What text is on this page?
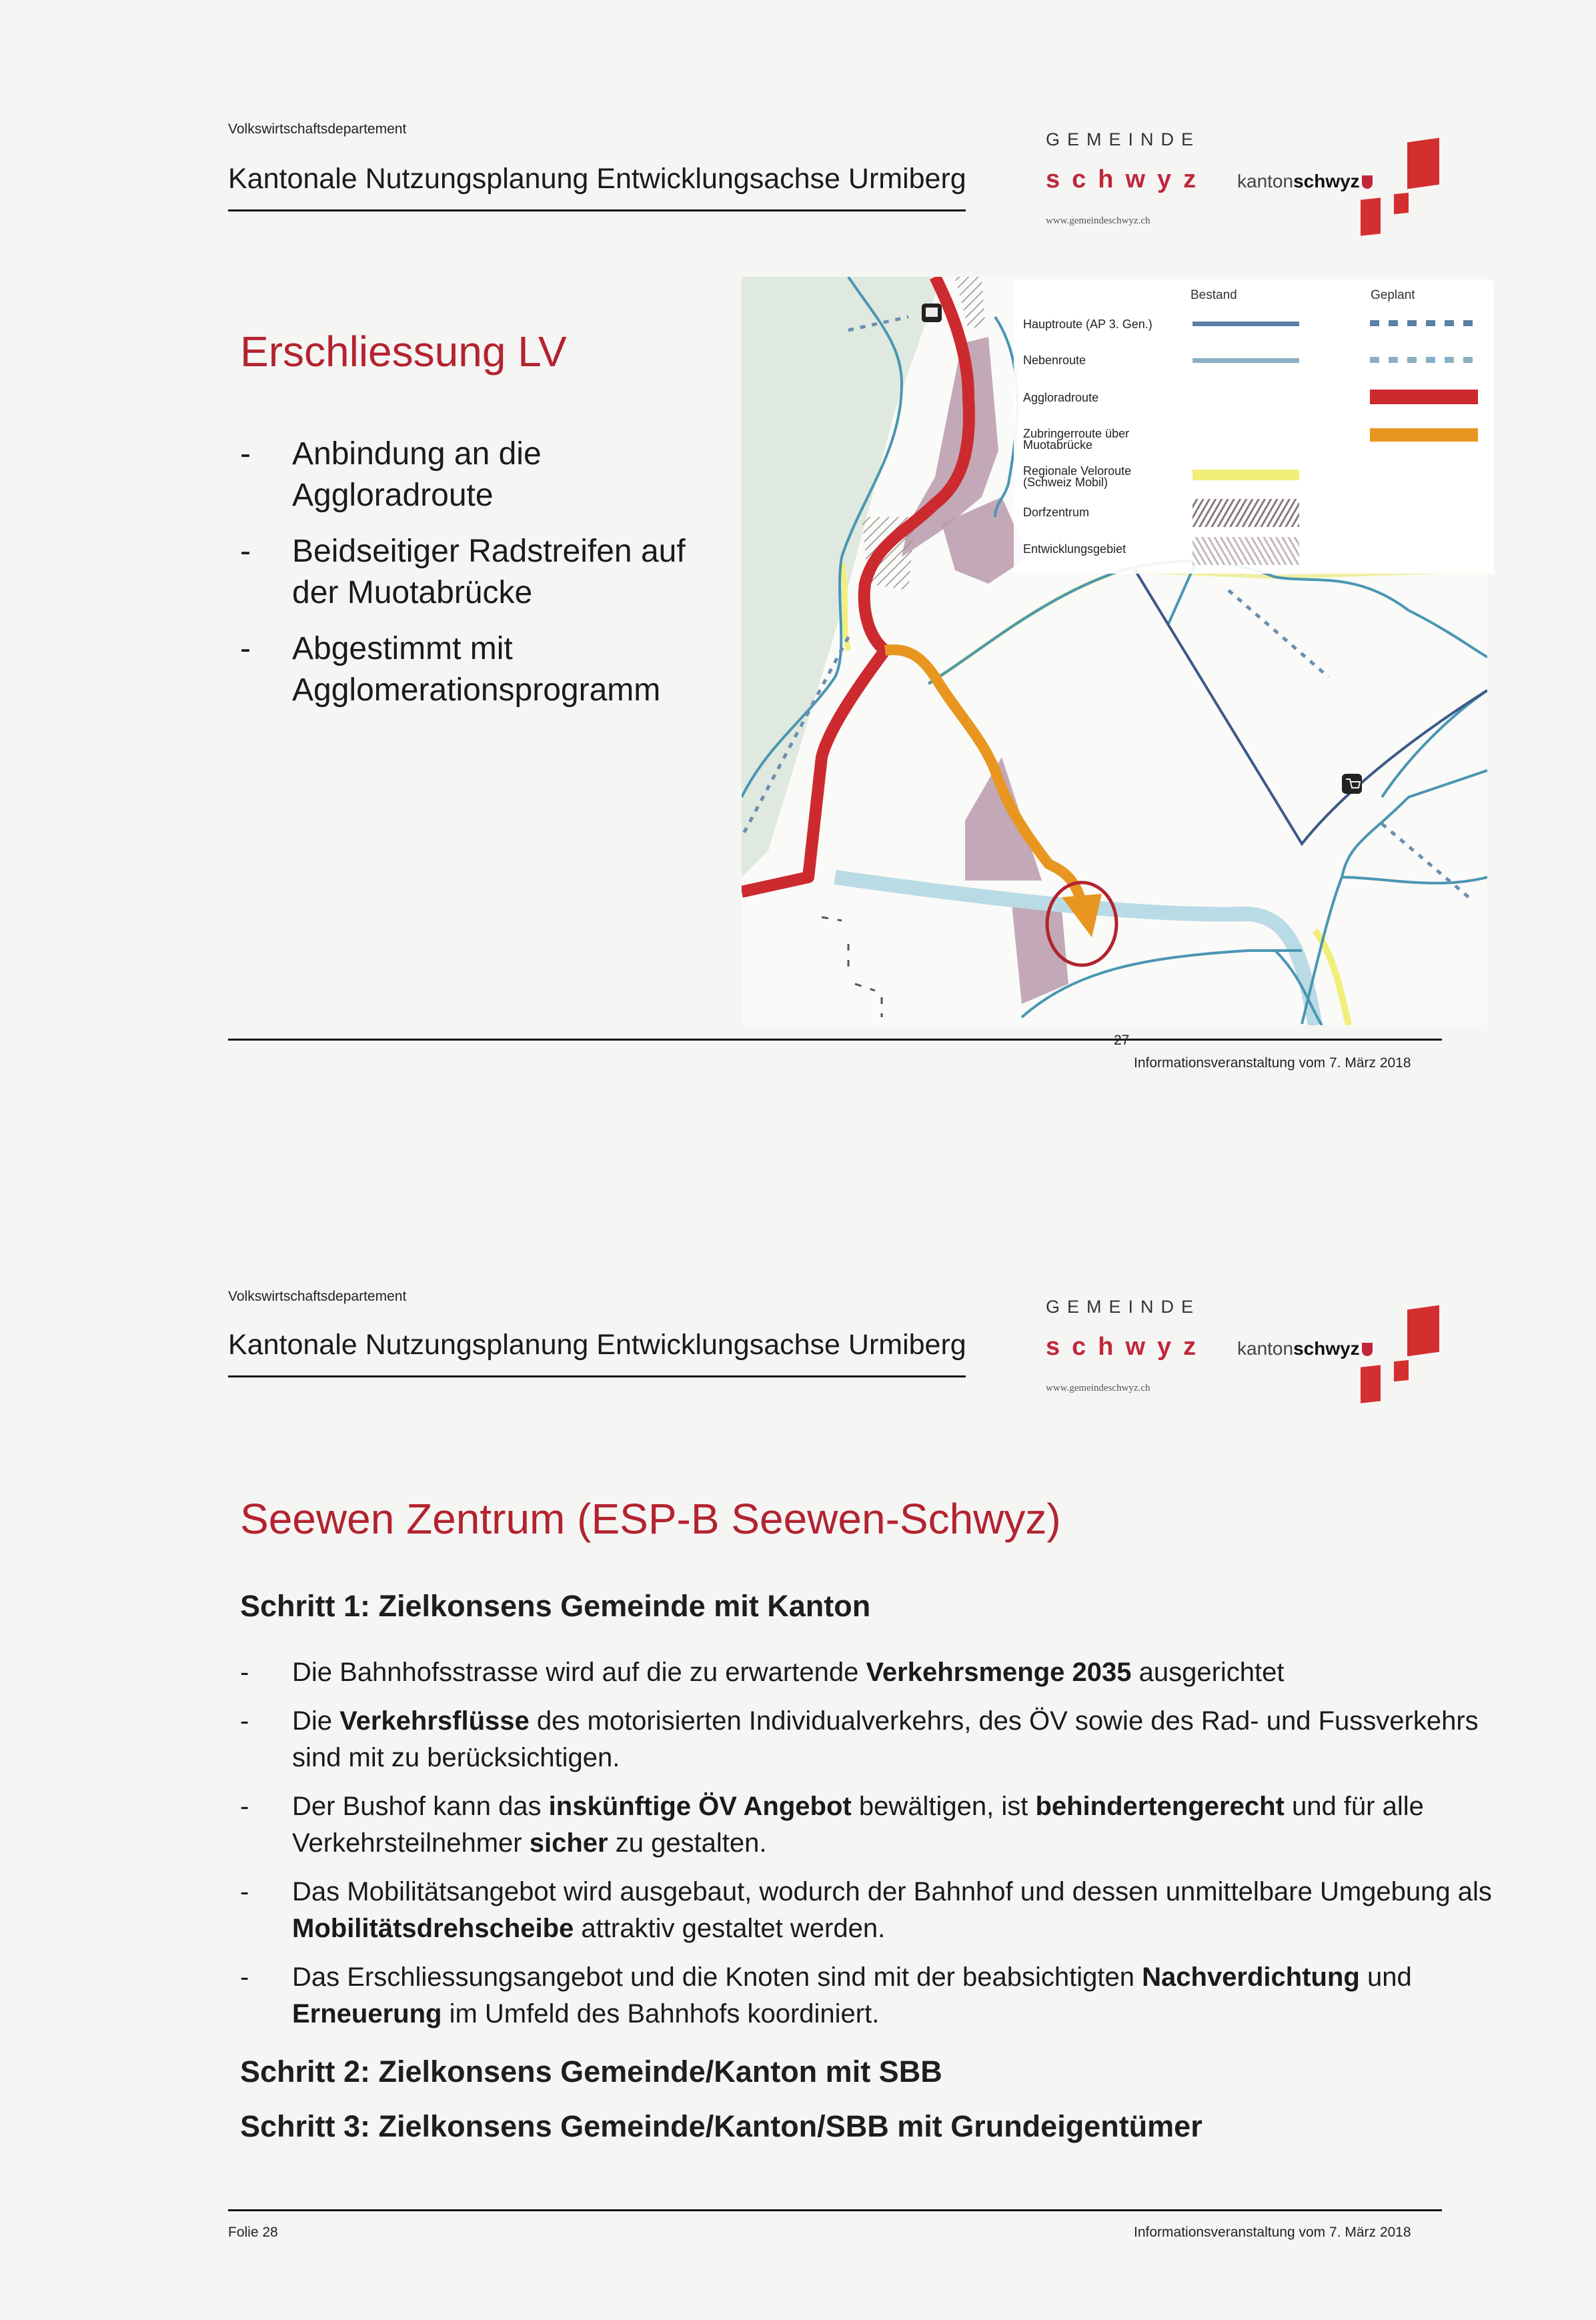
Volkswirtschaftsdepartement
Kantonale Nutzungsplanung Entwicklungsachse Urmiberg
GEMEINDE
schwyz
www.gemeindeschwyz.ch
kantonschwyz
Erschliessung LV
- Anbindung an die
Aggloradroute
- Beidseitiger Radstreifen auf
der Muotabrücke
- Abgestimmt mit
Agglomerationsprogramm
Bestand	Geplant
Hauptroute (AP 3. Gen.)
Nebenroute
Aggloradroute
Zubringerroute über Muotabrücke
Regionale Veloroute (Schweiz Mobil)
Dorfzentrum
Entwicklungsgebiet
27
Informationsveranstaltung vom 7. März 2018
Volkswirtschaftsdepartement
Kantonale Nutzungsplanung Entwicklungsachse Urmiberg
GEMEINDE
schwyz
www.gemeindeschwyz.ch
kantonschwyz
Seewen Zentrum (ESP-B Seewen-Schwyz)
Schritt 1: Zielkonsens Gemeinde mit Kanton
- Die Bahnhofsstrasse wird auf die zu erwartende Verkehrsmenge 2035 ausgerichtet
- Die Verkehrsflüsse des motorisierten Individualverkehrs, des ÖV sowie des Rad- und Fussverkehrs sind mit zu berücksichtigen.
- Der Bushof kann das inskünftige ÖV Angebot bewältigen, ist behindertengerecht und für alle Verkehrsteilnehmer sicher zu gestalten.
- Das Mobilitätsangebot wird ausgebaut, wodurch der Bahnhof und dessen unmittelbare Umgebung als Mobilitätsdrehscheibe attraktiv gestaltet werden.
- Das Erschliessungsangebot und die Knoten sind mit der beabsichtigten Nachverdichtung und Erneuerung im Umfeld des Bahnhofs koordiniert.
Schritt 2: Zielkonsens Gemeinde/Kanton mit SBB
Schritt 3: Zielkonsens Gemeinde/Kanton/SBB mit Grundeigentümer
Folie 28	Informationsveranstaltung vom 7. März 2018
